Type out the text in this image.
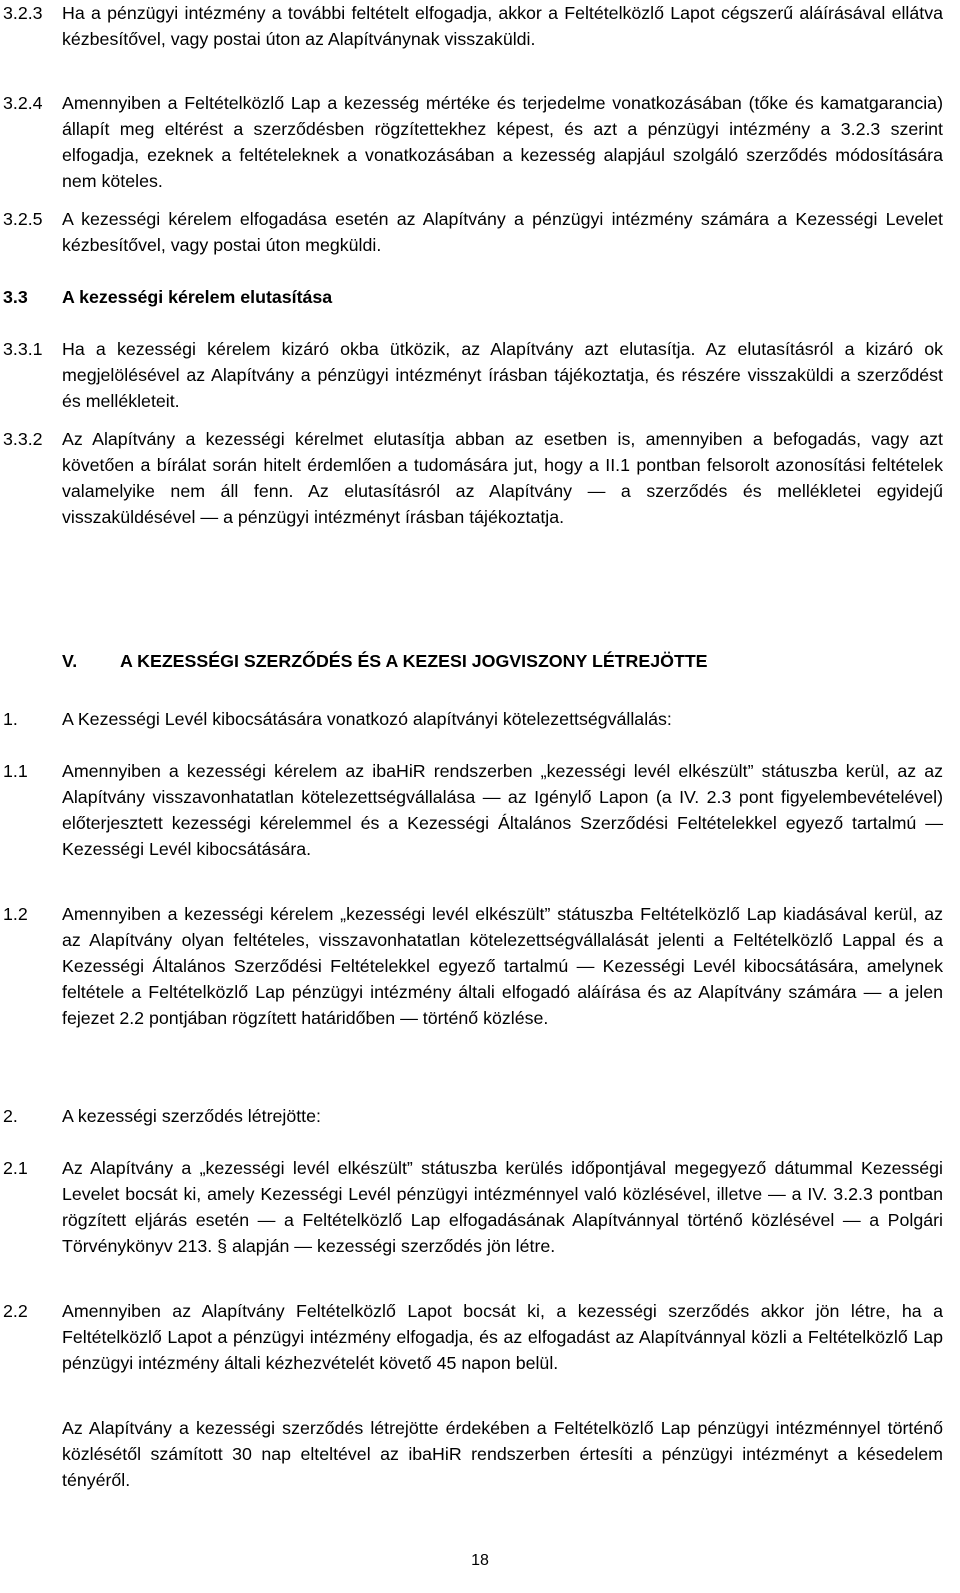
3.2.3 Ha a pénzügyi intézmény a további feltételt elfogadja, akkor a Feltételközlő Lapot cégszerű aláírásával ellátva kézbesítővel, vagy postai úton az Alapítványnak visszaküldi.
3.2.4 Amennyiben a Feltételközlő Lap a kezesség mértéke és terjedelme vonatkozásában (tőke és kamatgarancia) állapít meg eltérést a szerződésben rögzítettekhez képest, és azt a pénzügyi intézmény a 3.2.3 szerint elfogadja, ezeknek a feltételeknek a vonatkozásában a kezesség alapjául szolgáló szerződés módosítására nem köteles.
3.2.5 A kezességi kérelem elfogadása esetén az Alapítvány a pénzügyi intézmény számára a Kezességi Levelet kézbesítővel, vagy postai úton megküldi.
3.3 A kezességi kérelem elutasítása
3.3.1 Ha a kezességi kérelem kizáró okba ütközik, az Alapítvány azt elutasítja. Az elutasításról a kizáró ok megjelölésével az Alapítvány a pénzügyi intézményt írásban tájékoztatja, és részére visszaküldi a szerződést és mellékleteit.
3.3.2 Az Alapítvány a kezességi kérelmet elutasítja abban az esetben is, amennyiben a befogadás, vagy azt követően a bírálat során hitelt érdemlően a tudomására jut, hogy a II.1 pontban felsorolt azonosítási feltételek valamelyike nem áll fenn. Az elutasításról az Alapítvány — a szerződés és mellékletei egyidejű visszaküldésével — a pénzügyi intézményt írásban tájékoztatja.
V. A KEZESSÉGI SZERZŐDÉS ÉS A KEZESI JOGVISZONY LÉTREJÖTTE
1. A Kezességi Levél kibocsátására vonatkozó alapítványi kötelezettségvállalás:
1.1 Amennyiben a kezességi kérelem az ibaHiR rendszerben „kezességi levél elkészült” státuszba kerül, az az Alapítvány visszavonhatatlan kötelezettségvállalása — az Igénylő Lapon (a IV. 2.3 pont figyelembevételével) előterjesztett kezességi kérelemmel és a Kezességi Általános Szerződési Feltételekkel egyező tartalmú — Kezességi Levél kibocsátására.
1.2 Amennyiben a kezességi kérelem „kezességi levél elkészült” státuszba Feltételközlő Lap kiadásával kerül, az az Alapítvány olyan feltételes, visszavonhatatlan kötelezettségvállalását jelenti a Feltételközlő Lappal és a Kezességi Általános Szerződési Feltételekkel egyező tartalmú — Kezességi Levél kibocsátására, amelynek feltétele a Feltételközlő Lap pénzügyi intézmény általi elfogadó aláírása és az Alapítvány számára — a jelen fejezet 2.2 pontjában rögzített határidőben — történő közlése.
2. A kezességi szerződés létrejötte:
2.1 Az Alapítvány a „kezességi levél elkészült” státuszba kerülés időpontjával megegyező dátummal Kezességi Levelet bocsát ki, amely Kezességi Levél pénzügyi intézménnyel való közlésével, illetve — a IV. 3.2.3 pontban rögzített eljárás esetén — a Feltételközlő Lap elfogadásának Alapítvánnyal történő közlésével — a Polgári Törvénykönyv 213. § alapján — kezességi szerződés jön létre.
2.2 Amennyiben az Alapítvány Feltételközlő Lapot bocsát ki, a kezességi szerződés akkor jön létre, ha a Feltételközlő Lapot a pénzügyi intézmény elfogadja, és az elfogadást az Alapítvánnyal közli a Feltételközlő Lap pénzügyi intézmény általi kézhezvételét követő 45 napon belül.
Az Alapítvány a kezességi szerződés létrejötte érdekében a Feltételközlő Lap pénzügyi intézménnyel történő közlésétől számított 30 nap elteltével az ibaHiR rendszerben értesíti a pénzügyi intézményt a késedelem tényéről.
18
